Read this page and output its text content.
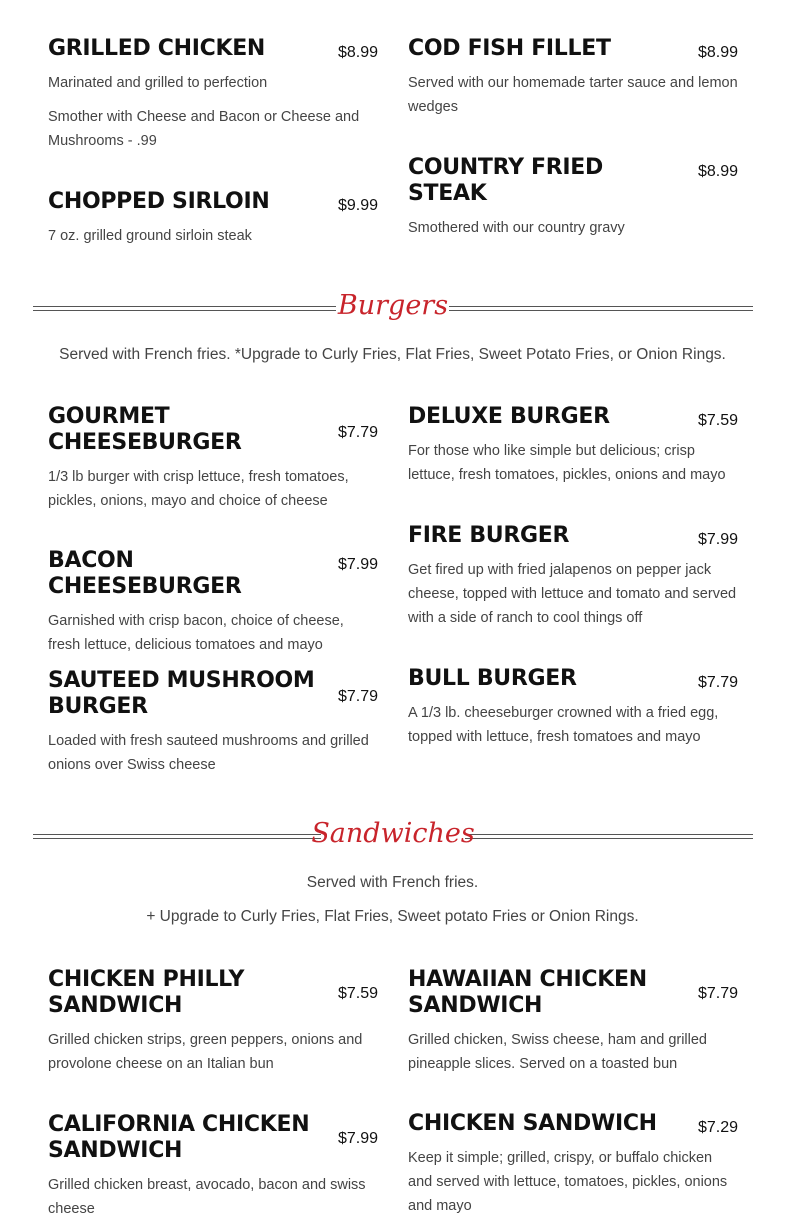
GRILLED CHICKEN	$8.99

Marinated and grilled to perfection

Smother with Cheese and Bacon or Cheese and Mushrooms - .99

CHOPPED SIRLOIN	$9.99

7 oz. grilled ground sirloin steak

COD FISH FILLET	$8.99

Served with our homemade tarter sauce and lemon wedges

COUNTRY FRIED STEAK
$8.99

Smothered with our country gravy

Burgers

Served with French fries. *Upgrade to Curly Fries, Flat Fries, Sweet Potato Fries, or Onion Rings.

GOURMET CHEESEBURGER	$7.79

1/3 lb burger with crisp lettuce, fresh tomatoes, pickles, onions, mayo and choice of cheese

BACON CHEESEBURGER
$7.99

Garnished with crisp bacon, choice of cheese, fresh lettuce, delicious tomatoes and mayo

SAUTEED MUSHROOM BURGER	$7.79

Loaded with fresh sauteed mushrooms and grilled onions over Swiss cheese

DELUXE BURGER	$7.59

For those who like simple but delicious; crisp lettuce, fresh tomatoes, pickles, onions and mayo

FIRE BURGER	$7.99

Get fired up with fried jalapenos on pepper jack cheese, topped with lettuce and tomato and served with a side of ranch to cool things off

BULL BURGER	$7.79

A 1/3 lb. cheeseburger crowned with a fried egg, topped with lettuce, fresh tomatoes and mayo

Sandwiches

Served with French fries.

+ Upgrade to Curly Fries, Flat Fries, Sweet potato Fries or Onion Rings.

CHICKEN PHILLY SANDWICH	$7.59

Grilled chicken strips, green peppers, onions and provolone cheese on an Italian bun

CALIFORNIA CHICKEN SANDWICH	$7.99

Grilled chicken breast, avocado, bacon and swiss cheese

HAWAIIAN CHICKEN SANDWICH	$7.79

Grilled chicken, Swiss cheese, ham and grilled pineapple slices. Served on a toasted bun

CHICKEN SANDWICH	$7.29

Keep it simple; grilled, crispy, or buffalo chicken and served with lettuce, tomatoes, pickles, onions and mayo
